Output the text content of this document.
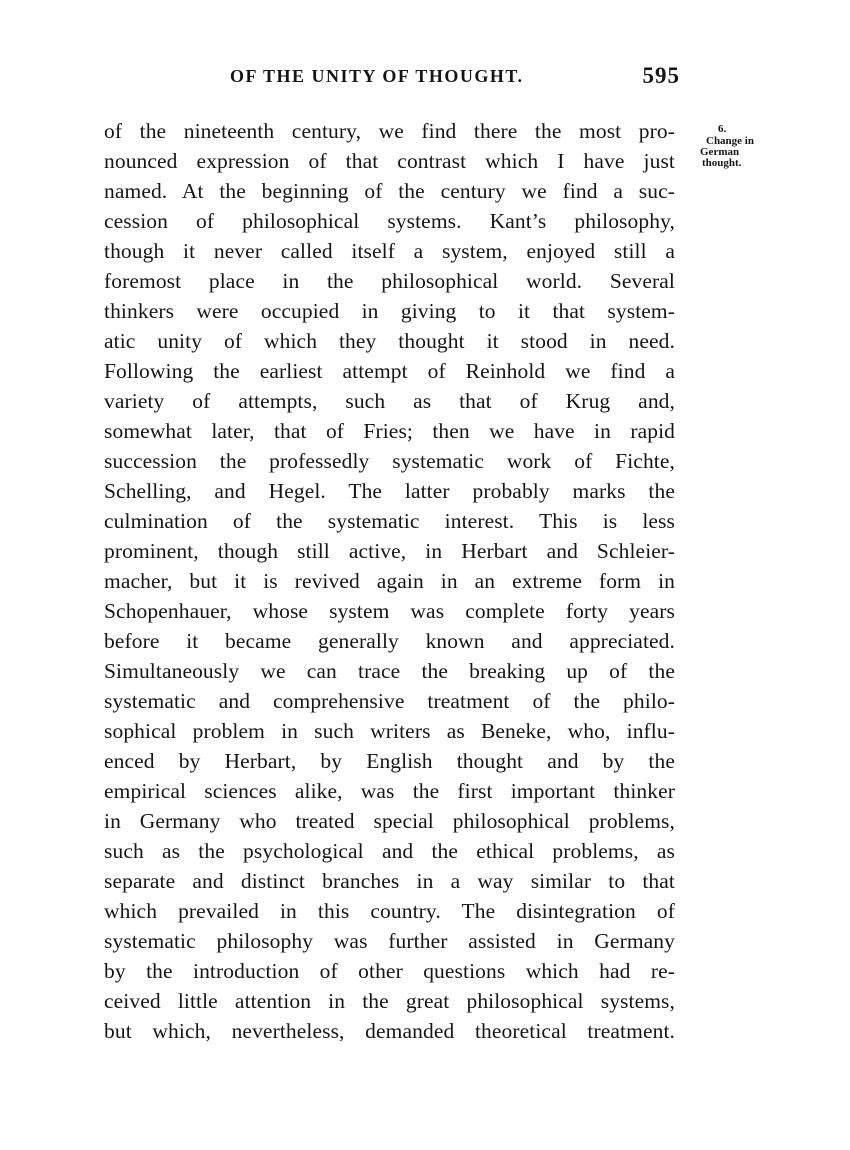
OF THE UNITY OF THOUGHT.	595
6.
Change in
German
thought.
of the nineteenth century, we find there the most pro-
nounced expression of that contrast which I have just
named. At the beginning of the century we find a suc-
cession of philosophical systems. Kant’s philosophy,
though it never called itself a system, enjoyed still a
foremost place in the philosophical world. Several
thinkers were occupied in giving to it that system-
atic unity of which they thought it stood in need.
Following the earliest attempt of Reinhold we find a
variety of attempts, such as that of Krug and,
somewhat later, that of Fries; then we have in rapid
succession the professedly systematic work of Fichte,
Schelling, and Hegel. The latter probably marks the
culmination of the systematic interest. This is less
prominent, though still active, in Herbart and Schleier-
macher, but it is revived again in an extreme form in
Schopenhauer, whose system was complete forty years
before it became generally known and appreciated.
Simultaneously we can trace the breaking up of the
systematic and comprehensive treatment of the philo-
sophical problem in such writers as Beneke, who, influ-
enced by Herbart, by English thought and by the
empirical sciences alike, was the first important thinker
in Germany who treated special philosophical problems,
such as the psychological and the ethical problems, as
separate and distinct branches in a way similar to that
which prevailed in this country. The disintegration of
systematic philosophy was further assisted in Germany
by the introduction of other questions which had re-
ceived little attention in the great philosophical systems,
but which, nevertheless, demanded theoretical treatment.
